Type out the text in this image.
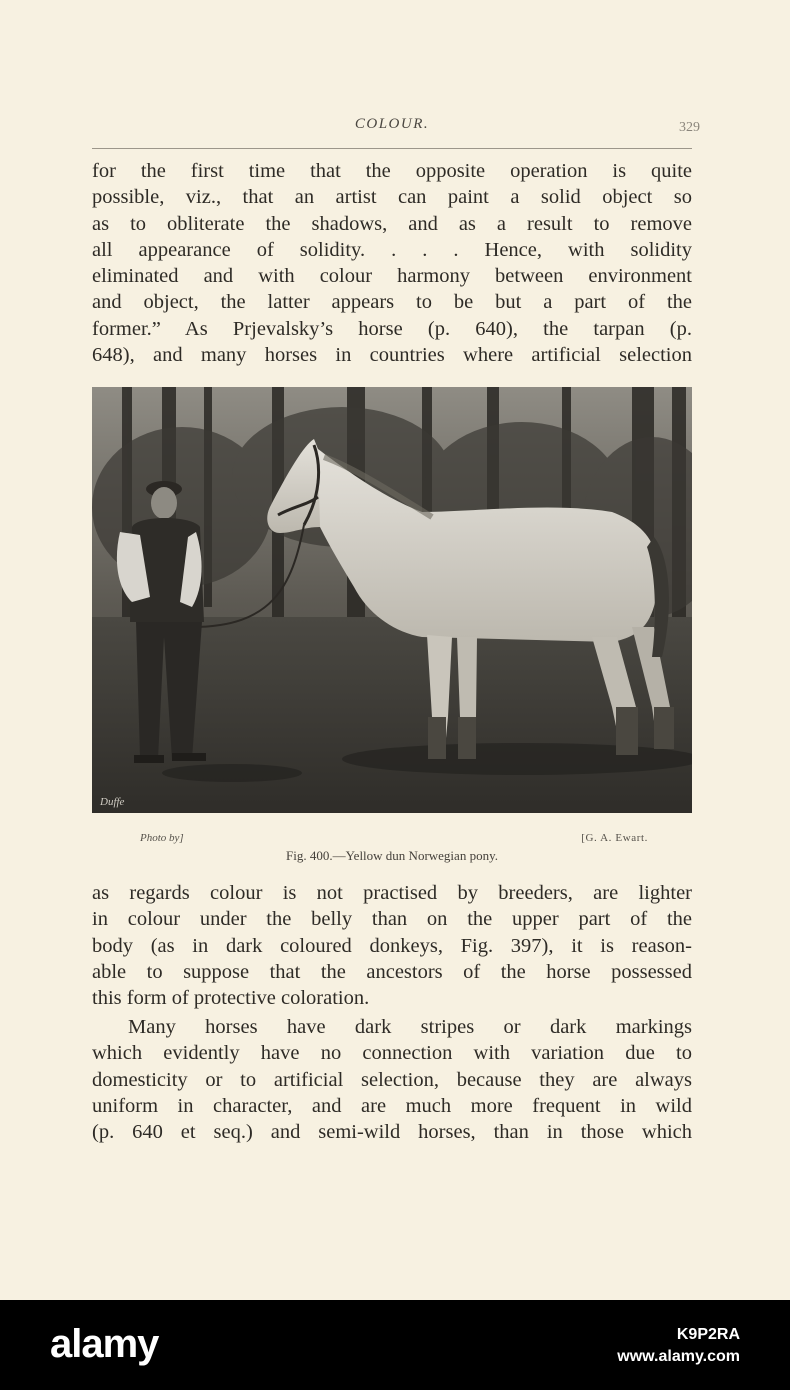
COLOUR.	329
for the first time that the opposite operation is quite
possible, viz., that an artist can paint a solid object so
as to obliterate the shadows, and as a result to remove
all appearance of solidity. . . . Hence, with solidity
eliminated and with colour harmony between environment
and object, the latter appears to be but a part of the
former.” As Prjevalsky’s horse (p. 640), the tarpan (p.
648), and many horses in countries where artificial selection
Duffe
Photo by]	[G. A. Ewart.
Fig. 400.—Yellow dun Norwegian pony.
as regards colour is not practised by breeders, are lighter
in colour under the belly than on the upper part of the
body (as in dark coloured donkeys, Fig. 397), it is reason-
able to suppose that the ancestors of the horse possessed
this form of protective coloration.
Many horses have dark stripes or dark markings
which evidently have no connection with variation due to
domesticity or to artificial selection, because they are always
uniform in character, and are much more frequent in wild
(p. 640 et seq.) and semi-wild horses, than in those which
alamy	K9P2RA
www.alamy.com
